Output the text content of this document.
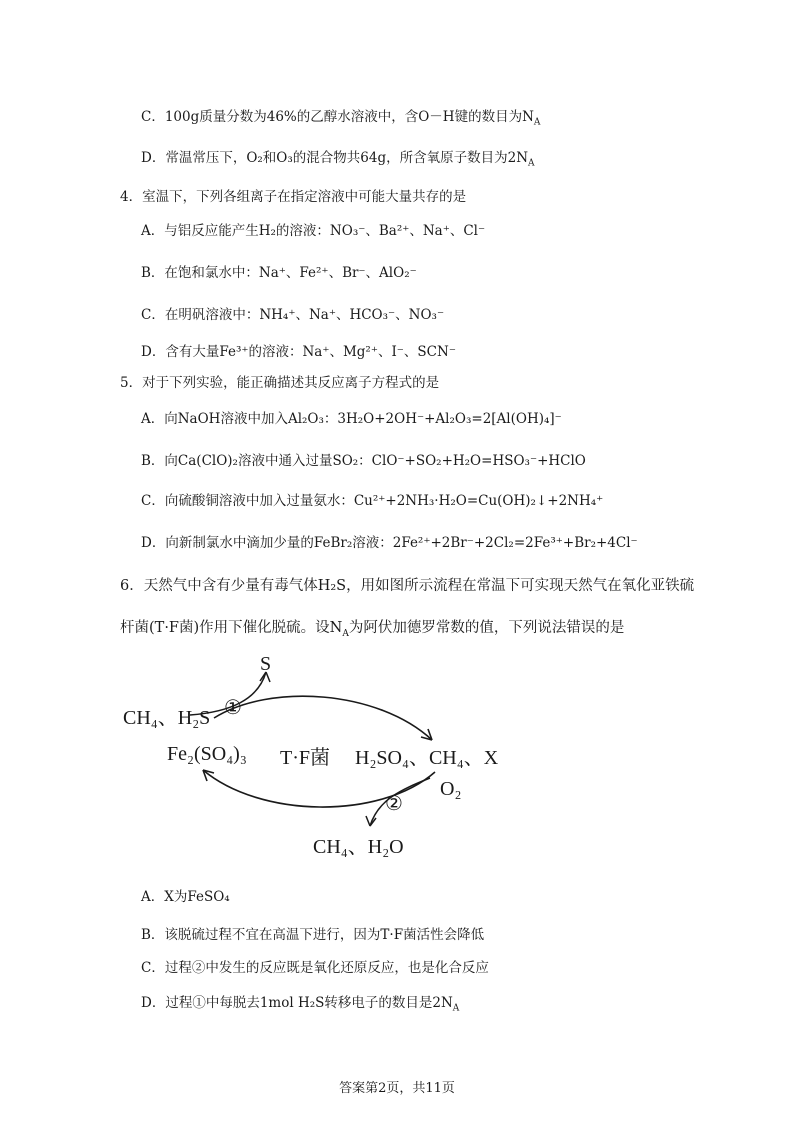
C．100g质量分数为46%的乙醇水溶液中，含O－H键的数目为$N_A$
D．常温常压下，O₂和O₃的混合物共64g，所含氧原子数目为$2N_A$
4．室温下，下列各组离子在指定溶液中可能大量共存的是
A．与铝反应能产生H₂的溶液：NO₃⁻、Ba²⁺、Na⁺、Cl⁻
B．在饱和氯水中：Na⁺、Fe²⁺、Br⁻、AlO₂⁻
C．在明矾溶液中：NH₄⁺、Na⁺、HCO₃⁻、NO₃⁻
D．含有大量Fe³⁺的溶液：Na⁺、Mg²⁺、I⁻、SCN⁻
5．对于下列实验，能正确描述其反应离子方程式的是
A．向NaOH溶液中加入Al₂O₃：3H₂O+2OH⁻+Al₂O₃=2[Al(OH)₄]⁻
B．向Ca(ClO)₂溶液中通入过量SO₂：ClO⁻+SO₂+H₂O=HSO₃⁻+HClO
C．向硫酸铜溶液中加入过量氨水：Cu²⁺+2NH₃·H₂O=Cu(OH)₂↓+2NH₄⁺
D．向新制氯水中滴加少量的FeBr₂溶液：2Fe²⁺+2Br⁻+2Cl₂=2Fe³⁺+Br₂+4Cl⁻
6．天然气中含有少量有毒气体H₂S，用如图所示流程在常温下可实现天然气在氧化亚铁硫
杆菌(T·F菌)作用下催化脱硫。设$N_A$为阿伏加德罗常数的值，下列说法错误的是
A．X为FeSO₄
B．该脱硫过程不宜在高温下进行，因为T·F菌活性会降低
C．过程②中发生的反应既是氧化还原反应，也是化合反应
D．过程①中每脱去1mol H₂S转移电子的数目是$2N_A$
S
CH₄、H₂S ①
Fe₂(SO₄)₃ T·F菌 H₂SO₄、CH₄、X
O₂
②
CH₄、H₂O
答案第2页，共11页
